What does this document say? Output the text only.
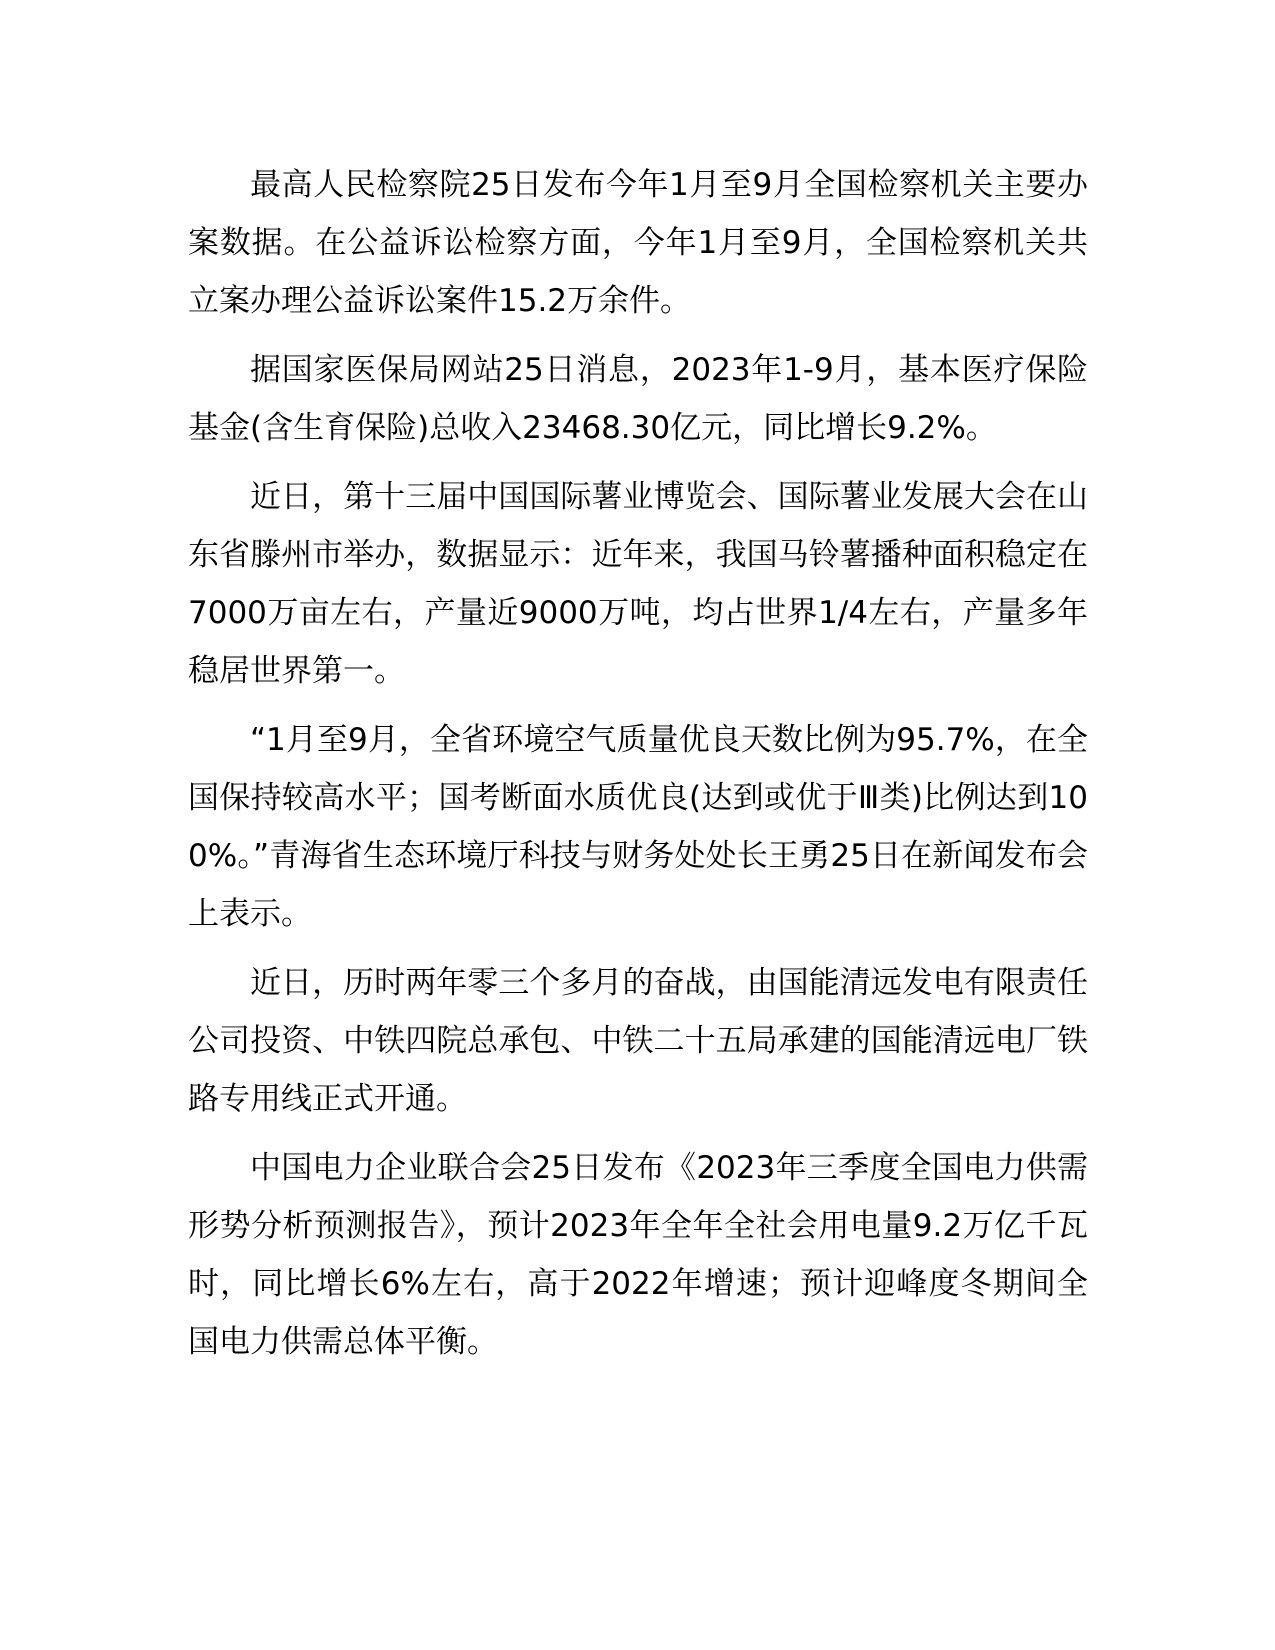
最高人民检察院25日发布今年1月至9月全国检察机关主要办案数据。在公益诉讼检察方面，今年1月至9月，全国检察机关共立案办理公益诉讼案件15.2万余件。

据国家医保局网站25日消息，2023年1-9月，基本医疗保险基金(含生育保险)总收入23468.30亿元，同比增长9.2%。

近日，第十三届中国国际薯业博览会、国际薯业发展大会在山东省滕州市举办，数据显示：近年来，我国马铃薯播种面积稳定在7000万亩左右，产量近9000万吨，均占世界1/4左右，产量多年稳居世界第一。

“1月至9月，全省环境空气质量优良天数比例为95.7%，在全国保持较高水平；国考断面水质优良(达到或优于Ⅲ类)比例达到100%。”青海省生态环境厅科技与财务处处长王勇25日在新闻发布会上表示。

近日，历时两年零三个多月的奋战，由国能清远发电有限责任公司投资、中铁四院总承包、中铁二十五局承建的国能清远电厂铁路专用线正式开通。

中国电力企业联合会25日发布《2023年三季度全国电力供需形势分析预测报告》，预计2023年全年全社会用电量9.2万亿千瓦时，同比增长6%左右，高于2022年增速；预计迎峰度冬期间全国电力供需总体平衡。
